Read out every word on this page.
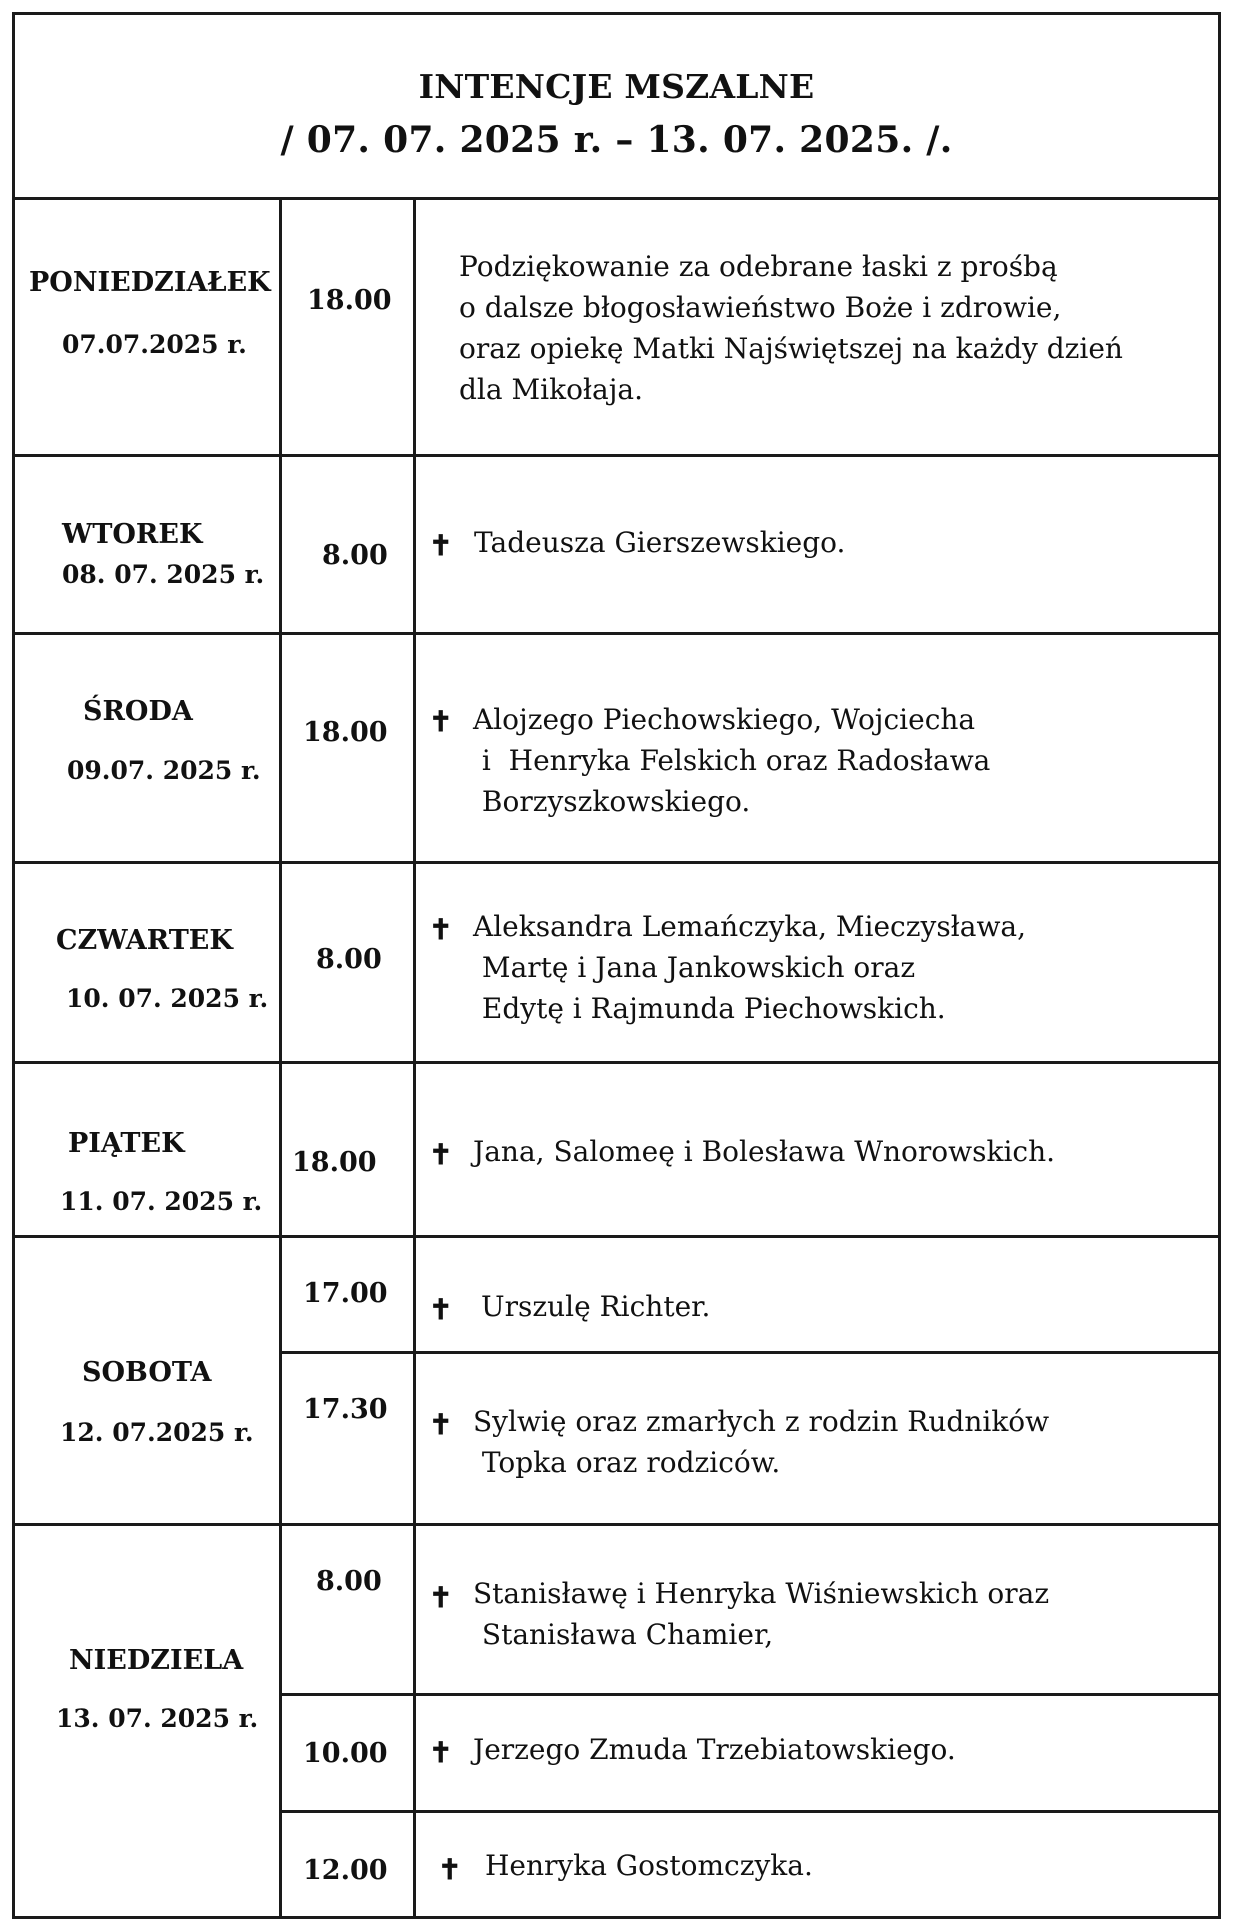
INTENCJE MSZALNE
/ 07. 07. 2025 r. – 13. 07. 2025. /.
PONIEDZIAŁEK
07.07.2025 r.
18.00
Podziękowanie za odebrane łaski z prośbą
o dalsze błogosławieństwo Boże i zdrowie,
oraz opiekę Matki Najświętszej na każdy dzień
dla Mikołaja.
WTOREK
08. 07. 2025 r.
8.00 ✝ Tadeusza Gierszewskiego.
ŚRODA
09.07. 2025 r.
18.00 ✝ Alojzego Piechowskiego, Wojciecha
i  Henryka Felskich oraz Radosława
Borzyszkowskiego.
CZWARTEK
10. 07. 2025 r.
8.00
✝ Aleksandra Lemańczyka, Mieczysława,
Martę i Jana Jankowskich oraz
Edytę i Rajmunda Piechowskich.
PIĄTEK
11. 07. 2025 r.
18.00 ✝ Jana, Salomeę i Bolesława Wnorowskich.
SOBOTA
12. 07.2025 r.
17.00 ✝ Urszulę Richter.
17.30 ✝ Sylwię oraz zmarłych z rodzin Rudników
Topka oraz rodziców.
NIEDZIELA
13. 07. 2025 r.
8.00 ✝ Stanisławę i Henryka Wiśniewskich oraz
Stanisława Chamier,
10.00 ✝ Jerzego Zmuda Trzebiatowskiego.
12.00 ✝ Henryka Gostomczyka.
